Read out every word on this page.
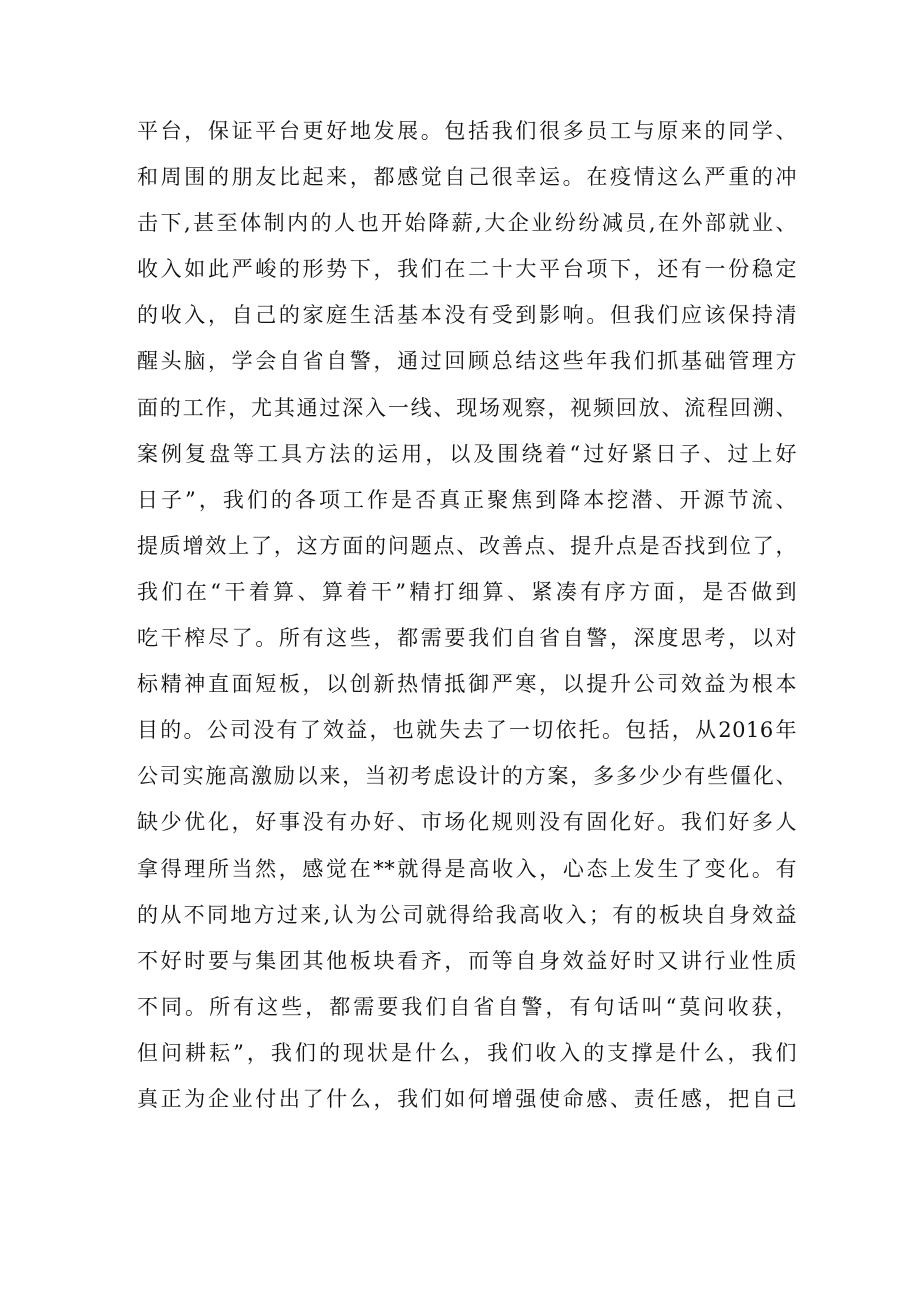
平台，保证平台更好地发展。包括我们很多员工与原来的同学、
和周围的朋友比起来，都感觉自己很幸运。在疫情这么严重的冲
击下,甚至体制内的人也开始降薪,大企业纷纷减员,在外部就业、
收入如此严峻的形势下，我们在二十大平台项下，还有一份稳定
的收入，自己的家庭生活基本没有受到影响。但我们应该保持清
醒头脑，学会自省自警，通过回顾总结这些年我们抓基础管理方
面的工作，尤其通过深入一线、现场观察，视频回放、流程回溯、
案例复盘等工具方法的运用，以及围绕着“过好紧日子、过上好
日子”，我们的各项工作是否真正聚焦到降本挖潜、开源节流、
提质增效上了，这方面的问题点、改善点、提升点是否找到位了，
我们在“干着算、算着干”精打细算、紧凑有序方面，是否做到
吃干榨尽了。所有这些，都需要我们自省自警，深度思考，以对
标精神直面短板，以创新热情抵御严寒，以提升公司效益为根本
目的。公司没有了效益，也就失去了一切依托。包括，从2016年
公司实施高激励以来，当初考虑设计的方案，多多少少有些僵化、
缺少优化，好事没有办好、市场化规则没有固化好。我们好多人
拿得理所当然，感觉在**就得是高收入，心态上发生了变化。有
的从不同地方过来,认为公司就得给我高收入；有的板块自身效益
不好时要与集团其他板块看齐，而等自身效益好时又讲行业性质
不同。所有这些，都需要我们自省自警，有句话叫“莫问收获，
但问耕耘”，我们的现状是什么，我们收入的支撑是什么，我们
真正为企业付出了什么，我们如何增强使命感、责任感，把自己
